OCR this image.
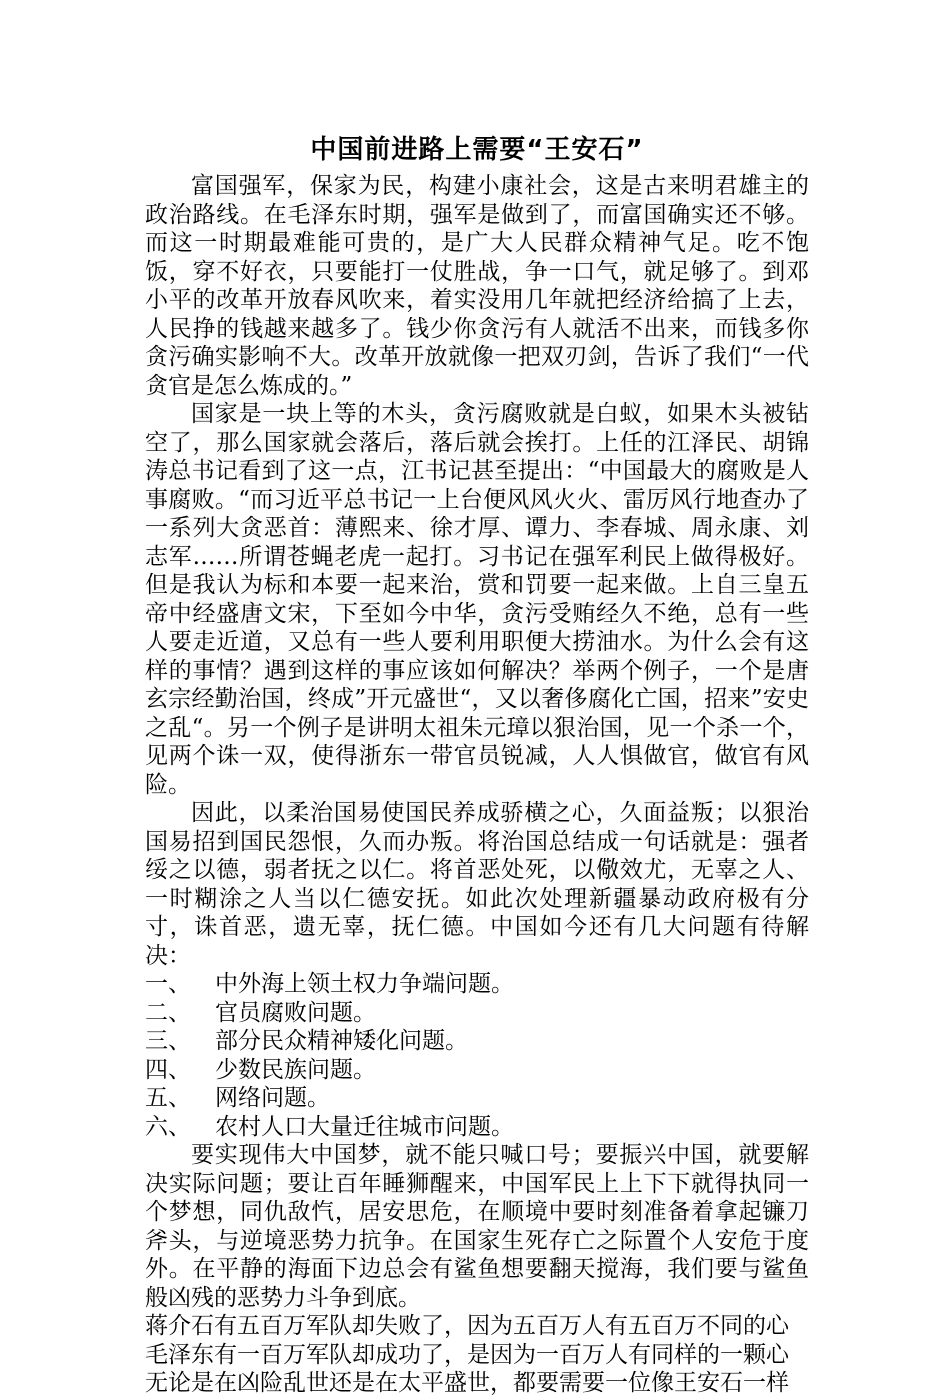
中国前进路上需要“王安石”

富国强军，保家为民，构建小康社会，这是古来明君雄主的政治路线。在毛泽东时期，强军是做到了，而富国确实还不够。而这一时期最难能可贵的，是广大人民群众精神气足。吃不饱饭，穿不好衣，只要能打一仗胜战，争一口气，就足够了。到邓小平的改革开放春风吹来，着实没用几年就把经济给搞了上去，人民挣的钱越来越多了。钱少你贪污有人就活不出来，而钱多你贪污确实影响不大。改革开放就像一把双刃剑，告诉了我们“一代贪官是怎么炼成的。”

国家是一块上等的木头，贪污腐败就是白蚁，如果木头被钻空了，那么国家就会落后，落后就会挨打。上任的江泽民、胡锦涛总书记看到了这一点，江书记甚至提出：“中国最大的腐败是人事腐败。“而习近平总书记一上台便风风火火、雷厉风行地查办了一系列大贪恶首：薄熙来、徐才厚、谭力、李春城、周永康、刘志军……所谓苍蝇老虎一起打。习书记在强军利民上做得极好。但是我认为标和本要一起来治，赏和罚要一起来做。上自三皇五帝中经盛唐文宋，下至如今中华，贪污受贿经久不绝，总有一些人要走近道，又总有一些人要利用职便大捞油水。为什么会有这样的事情？遇到这样的事应该如何解决？举两个例子，一个是唐玄宗经勤治国，终成”开元盛世“，又以奢侈腐化亡国，招来”安史之乱“。另一个例子是讲明太祖朱元璋以狠治国，见一个杀一个，见两个诛一双，使得浙东一带官员锐减，人人惧做官，做官有风险。

因此，以柔治国易使国民养成骄横之心，久面益叛；以狠治国易招到国民怨恨，久而办叛。将治国总结成一句话就是：强者绥之以德，弱者抚之以仁。将首恶处死，以儆效尤，无辜之人、一时糊涂之人当以仁德安抚。如此次处理新疆暴动政府极有分寸，诛首恶，遗无辜，抚仁德。中国如今还有几大问题有待解决：

一、	中外海上领土权力争端问题。
二、	官员腐败问题。
三、	部分民众精神矮化问题。
四、	少数民族问题。
五、	网络问题。
六、	农村人口大量迁往城市问题。

要实现伟大中国梦，就不能只喊口号；要振兴中国，就要解决实际问题；要让百年睡狮醒来，中国军民上上下下就得执同一个梦想，同仇敌忾，居安思危，在顺境中要时刻准备着拿起镰刀斧头，与逆境恶势力抗争。在国家生死存亡之际置个人安危于度外。在平静的海面下边总会有鲨鱼想要翻天搅海，我们要与鲨鱼般凶残的恶势力斗争到底。

蒋介石有五百万军队却失败了，因为五百万人有五百万不同的心

毛泽东有一百万军队却成功了，是因为一百万人有同样的一颗心

无论是在凶险乱世还是在太平盛世，都要需要一位像王安石一样
